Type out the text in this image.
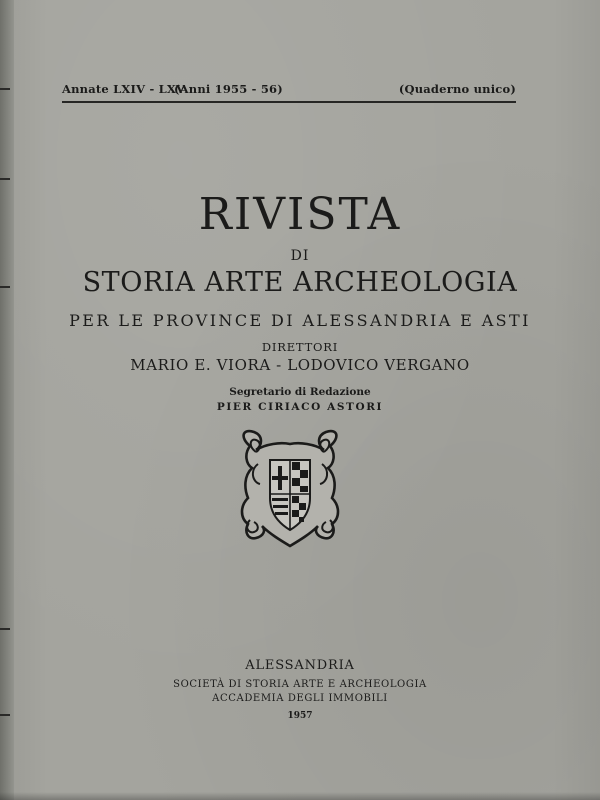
Annate LXIV - LXV
(Anni 1955 - 56)	(Quaderno unico)
RIVISTA
DI
STORIA ARTE ARCHEOLOGIA
PER LE PROVINCE DI ALESSANDRIA E ASTI
DIRETTORI
MARIO E. VIORA - LODOVICO VERGANO
Segretario di Redazione
PIER CIRIACO ASTORI
ALESSANDRIA
SOCIETÀ DI STORIA ARTE E ARCHEOLOGIA
ACCADEMIA DEGLI IMMOBILI
1957
